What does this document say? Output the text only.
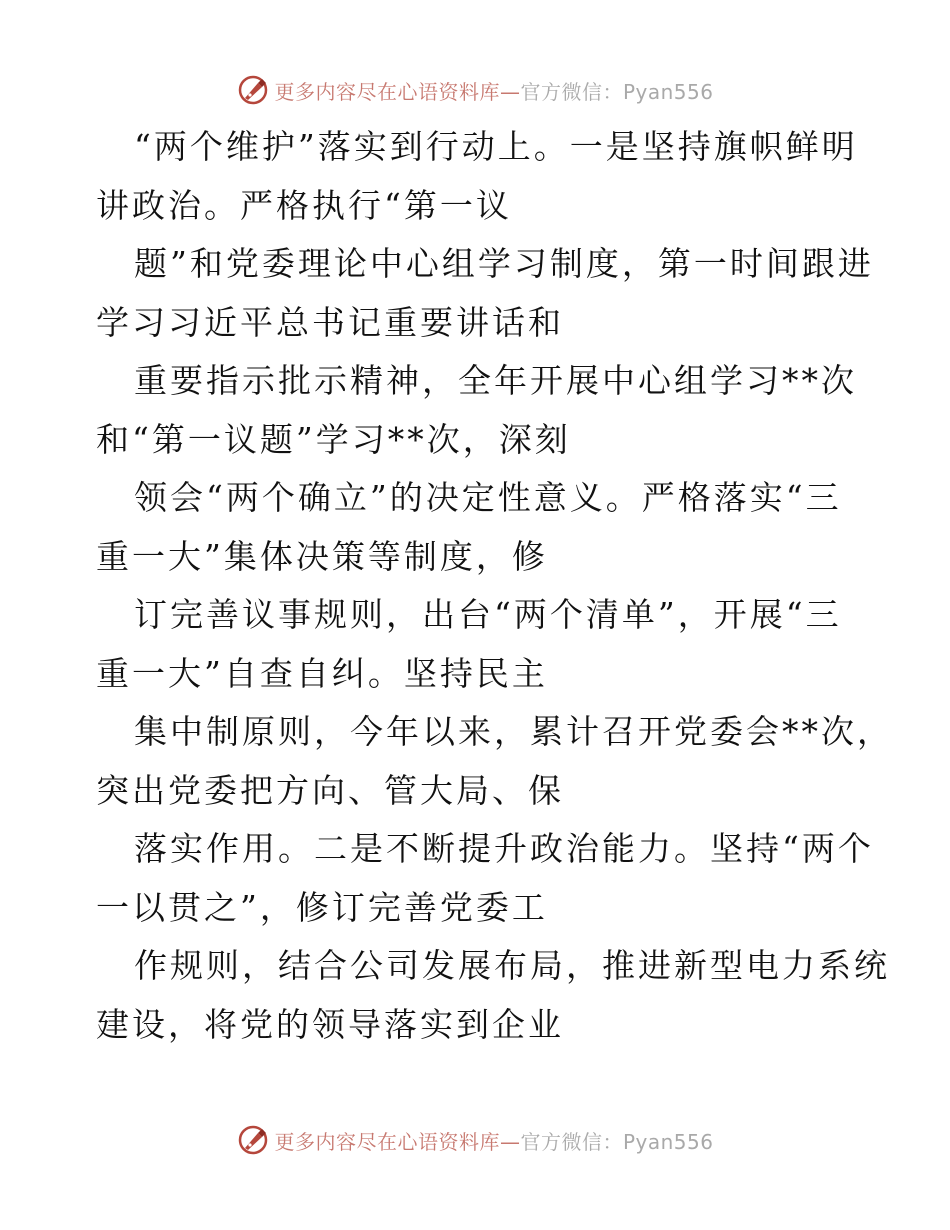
更多内容尽在心语资料库—官方微信：Pyan556
“两个维护”落实到行动上。一是坚持旗帜鲜明
讲政治。严格执行“第一议
题”和党委理论中心组学习制度，第一时间跟进
学习习近平总书记重要讲话和
重要指示批示精神，全年开展中心组学习**次
和“第一议题”学习**次，深刻
领会“两个确立”的决定性意义。严格落实“三
重一大”集体决策等制度，修
订完善议事规则，出台“两个清单”，开展“三
重一大”自查自纠。坚持民主
集中制原则，今年以来，累计召开党委会**次，
突出党委把方向、管大局、保
落实作用。二是不断提升政治能力。坚持“两个
一以贯之”，修订完善党委工
作规则，结合公司发展布局，推进新型电力系统
建设，将党的领导落实到企业
更多内容尽在心语资料库—官方微信：Pyan556
